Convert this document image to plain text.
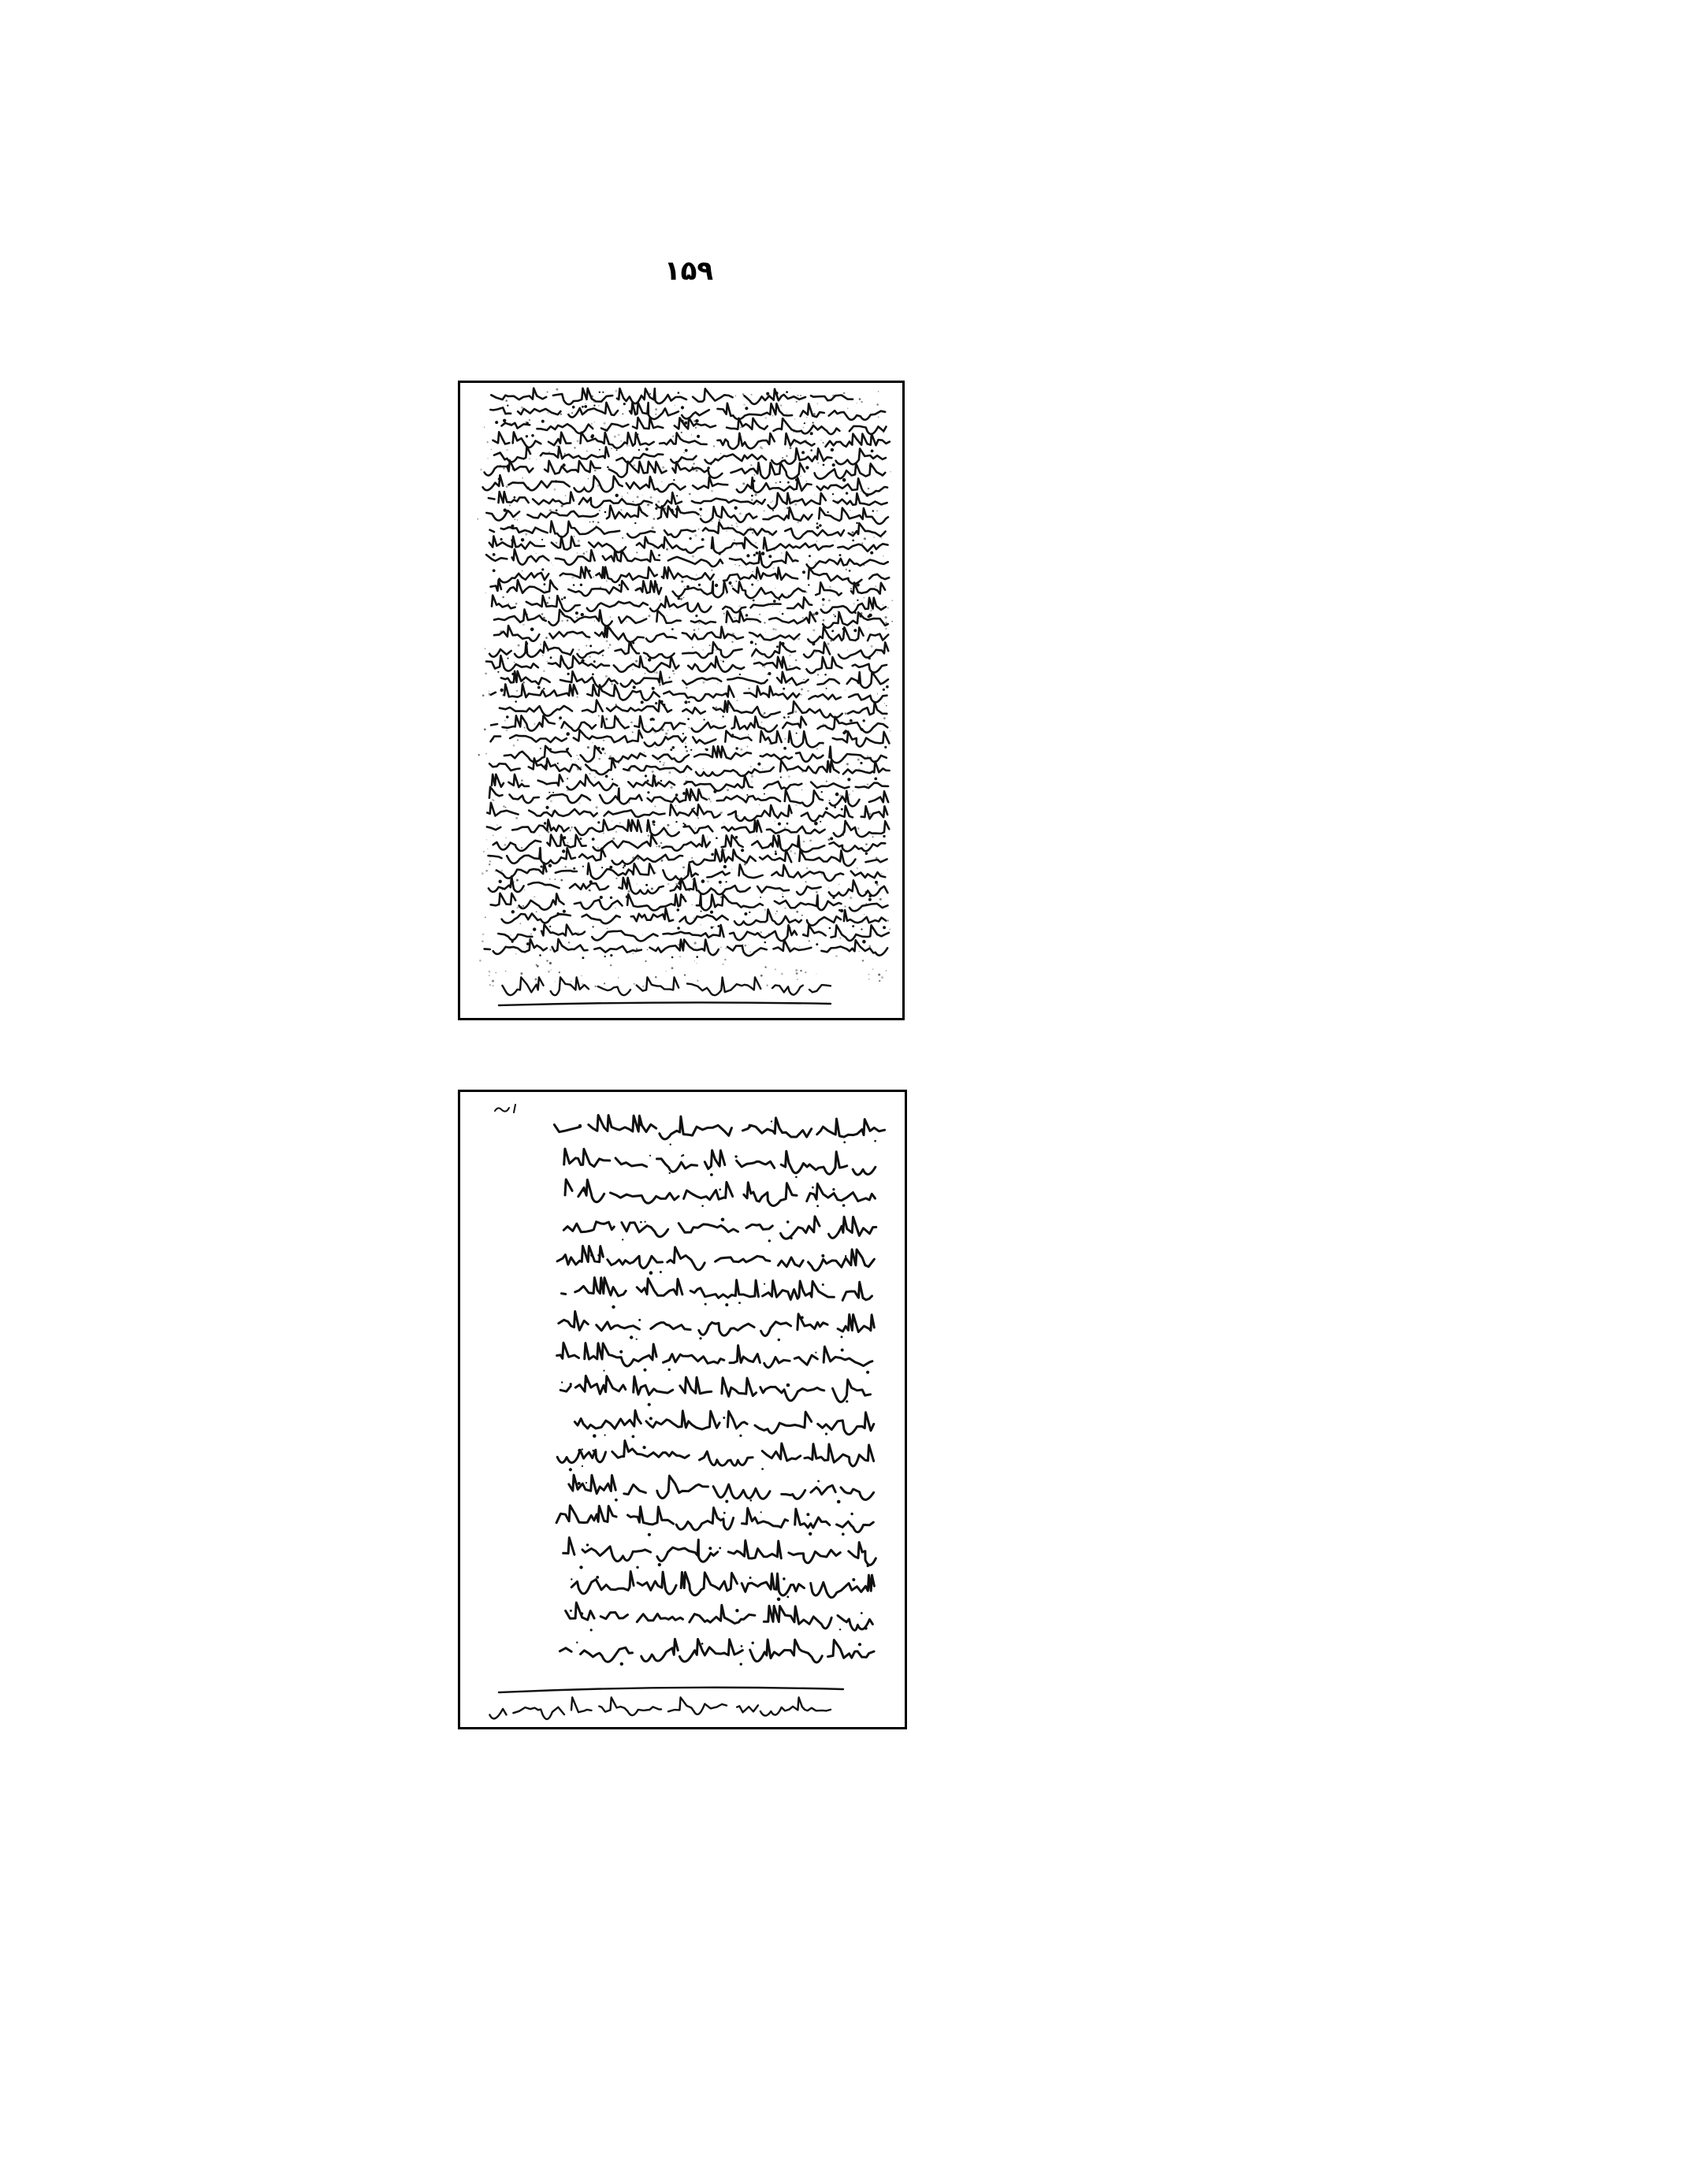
۱۵۹
